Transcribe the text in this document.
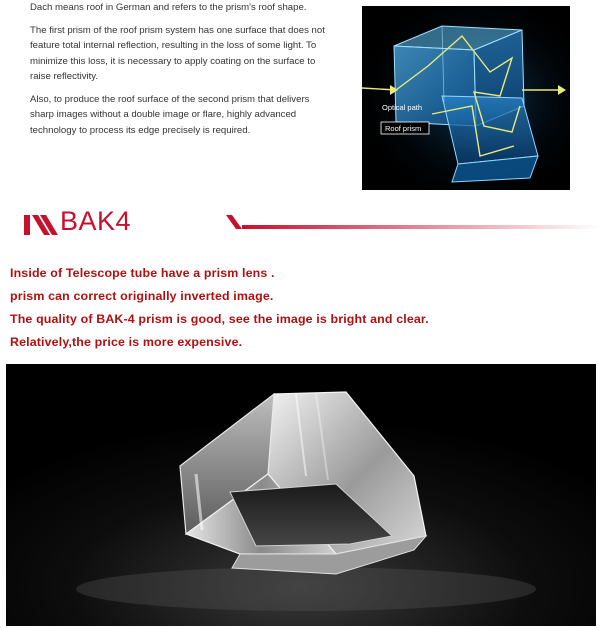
Dach means roof in German and refers to the prism's roof shape.

The first prism of the roof prism system has one surface that does not feature total internal reflection, resulting in the loss of some light. To minimize this loss, it is necessary to apply coating on the surface to raise reflectivity.

Also, to produce the roof surface of the second prism that delivers sharp images without a double image or flare, highly advanced technology to process its edge precisely is required.

Optical path
Roof prism
BAK4
Inside of Telescope tube have a prism lens .
prism can correct originally inverted image.
The quality of BAK-4 prism is good, see the image is bright and clear.
Relatively,the price is more expensive.
